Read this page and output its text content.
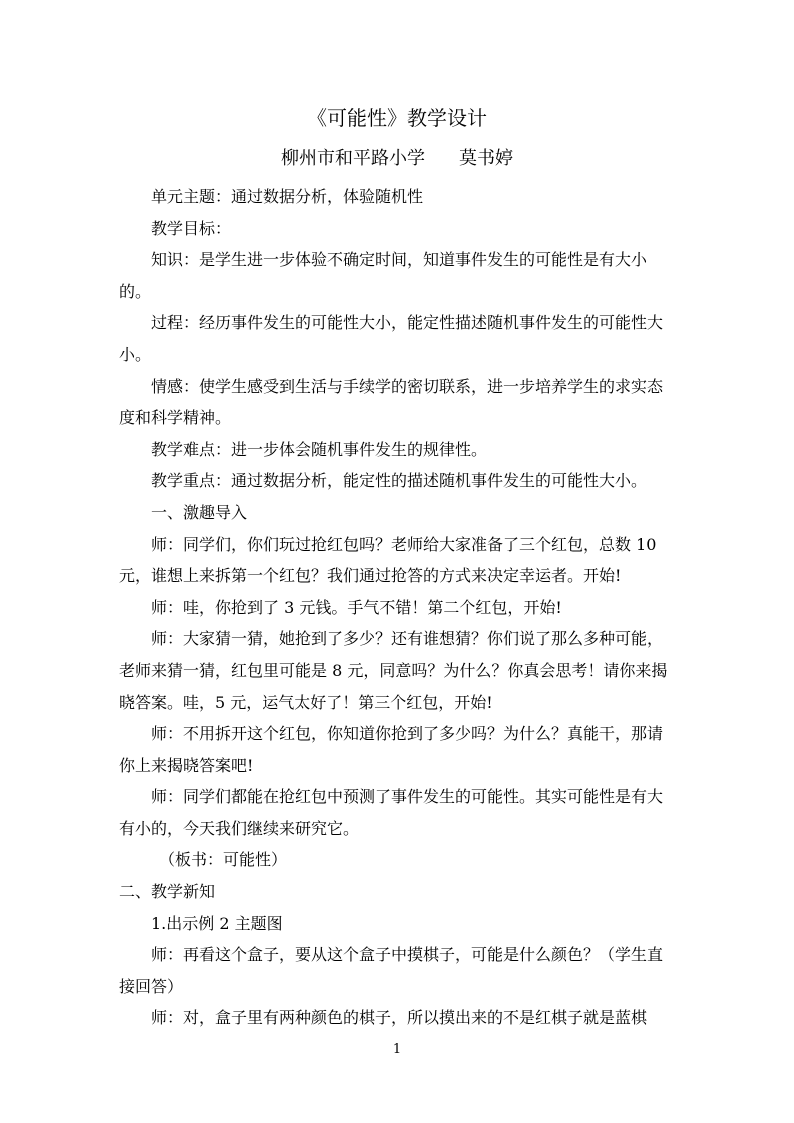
《可能性》教学设计
柳州市和平路小学 莫书婷

单元主题：通过数据分析，体验随机性

教学目标：

知识：是学生进一步体验不确定时间，知道事件发生的可能性是有大小的。

过程：经历事件发生的可能性大小，能定性描述随机事件发生的可能性大小。

情感：使学生感受到生活与手续学的密切联系，进一步培养学生的求实态度和科学精神。

教学难点：进一步体会随机事件发生的规律性。

教学重点：通过数据分析，能定性的描述随机事件发生的可能性大小。

一、激趣导入

师：同学们，你们玩过抢红包吗？老师给大家准备了三个红包，总数 10 元，谁想上来拆第一个红包？我们通过抢答的方式来决定幸运者。开始!

师：哇，你抢到了 3 元钱。手气不错！第二个红包，开始!

师：大家猜一猜，她抢到了多少？还有谁想猜？你们说了那么多种可能，老师来猜一猜，红包里可能是 8 元，同意吗？为什么？你真会思考！请你来揭晓答案。哇，5 元，运气太好了！第三个红包，开始!

师：不用拆开这个红包，你知道你抢到了多少吗？为什么？真能干，那请你上来揭晓答案吧!

师：同学们都能在抢红包中预测了事件发生的可能性。其实可能性是有大有小的，今天我们继续来研究它。

（板书：可能性）

二、教学新知

1.出示例 2 主题图

师：再看这个盒子，要从这个盒子中摸棋子，可能是什么颜色？（学生直接回答）

师：对，盒子里有两种颜色的棋子，所以摸出来的不是红棋子就是蓝棋

1
